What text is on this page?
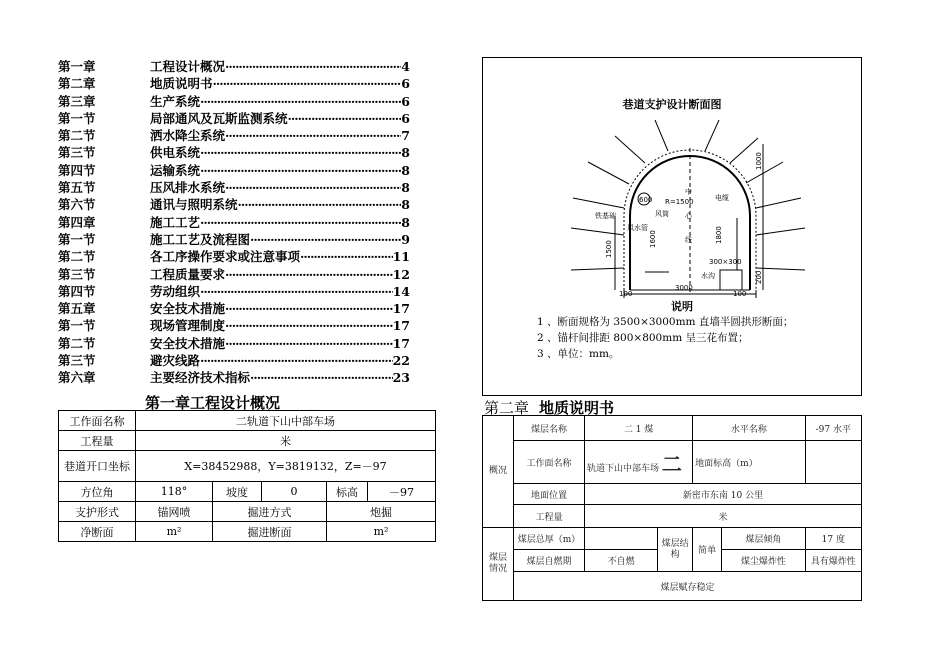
第一章	工程设计概况 ·····	4
第二章	地质说明书 ·····	6
第三章	生产系统 ·····	6
第一节	局部通风及瓦斯监测系统 ·····	6
第二节	洒水降尘系统 ·····	7
第三节	供电系统 ·····	8
第四节	运输系统 ·····	8
第五节	压风排水系统 ·····	8
第六节	通讯与照明系统 ·····	8
第四章	施工工艺 ·····	8
第一节	施工工艺及流程图 ·····	9
第二节	各工序操作要求或注意事项 ·····	11
第三节	工程质量要求 ·····	12
第四节	劳动组织 ·····	14
第五章	安全技术措施 ·····	17
第一节	现场管理制度 ·····	17
第二节	安全技术措施 ·····	17
第三节	避灾线路 ·····	22
第六章	主要经济技术指标 ·····	23
第一章工程设计概况
工作面名称	二轨道下山中部车场				
工程量	米				
巷道开口坐标	X=38452988，Y=3819132，Z=－97				
方位角	118°	坡度	0	标高	－97
支护形式	锚网喷	掘进方式		炮掘	
净断面	m²	掘进断面		m²	
巷道支护设计断面图
600 R=1500
中
心
线
风筒
电缆
风水管
铁基础
水沟
300×300
3000
100	100
1800
1600
1500
1000
200
说明
1 、断面规格为 3500×3000mm 直墙半圆拱形断面；
2 、锚杆间排距 800×800mm 呈三花布置；
3 、单位：mm。
第二章 地质说明书
概况	煤层名称	二 1 煤		水平名称		-97 水平
	工作面名称	轨道下山中部车场 二		地面标高（m）		
	地面位置	新密市东南 10 公里				
	工程量	米				
煤层情况	煤层总厚（m）		煤层结构	简单	煤层倾角	17 度
	煤层自燃期	不自燃			煤尘爆炸性	具有爆炸性
	煤层赋存稳定					
